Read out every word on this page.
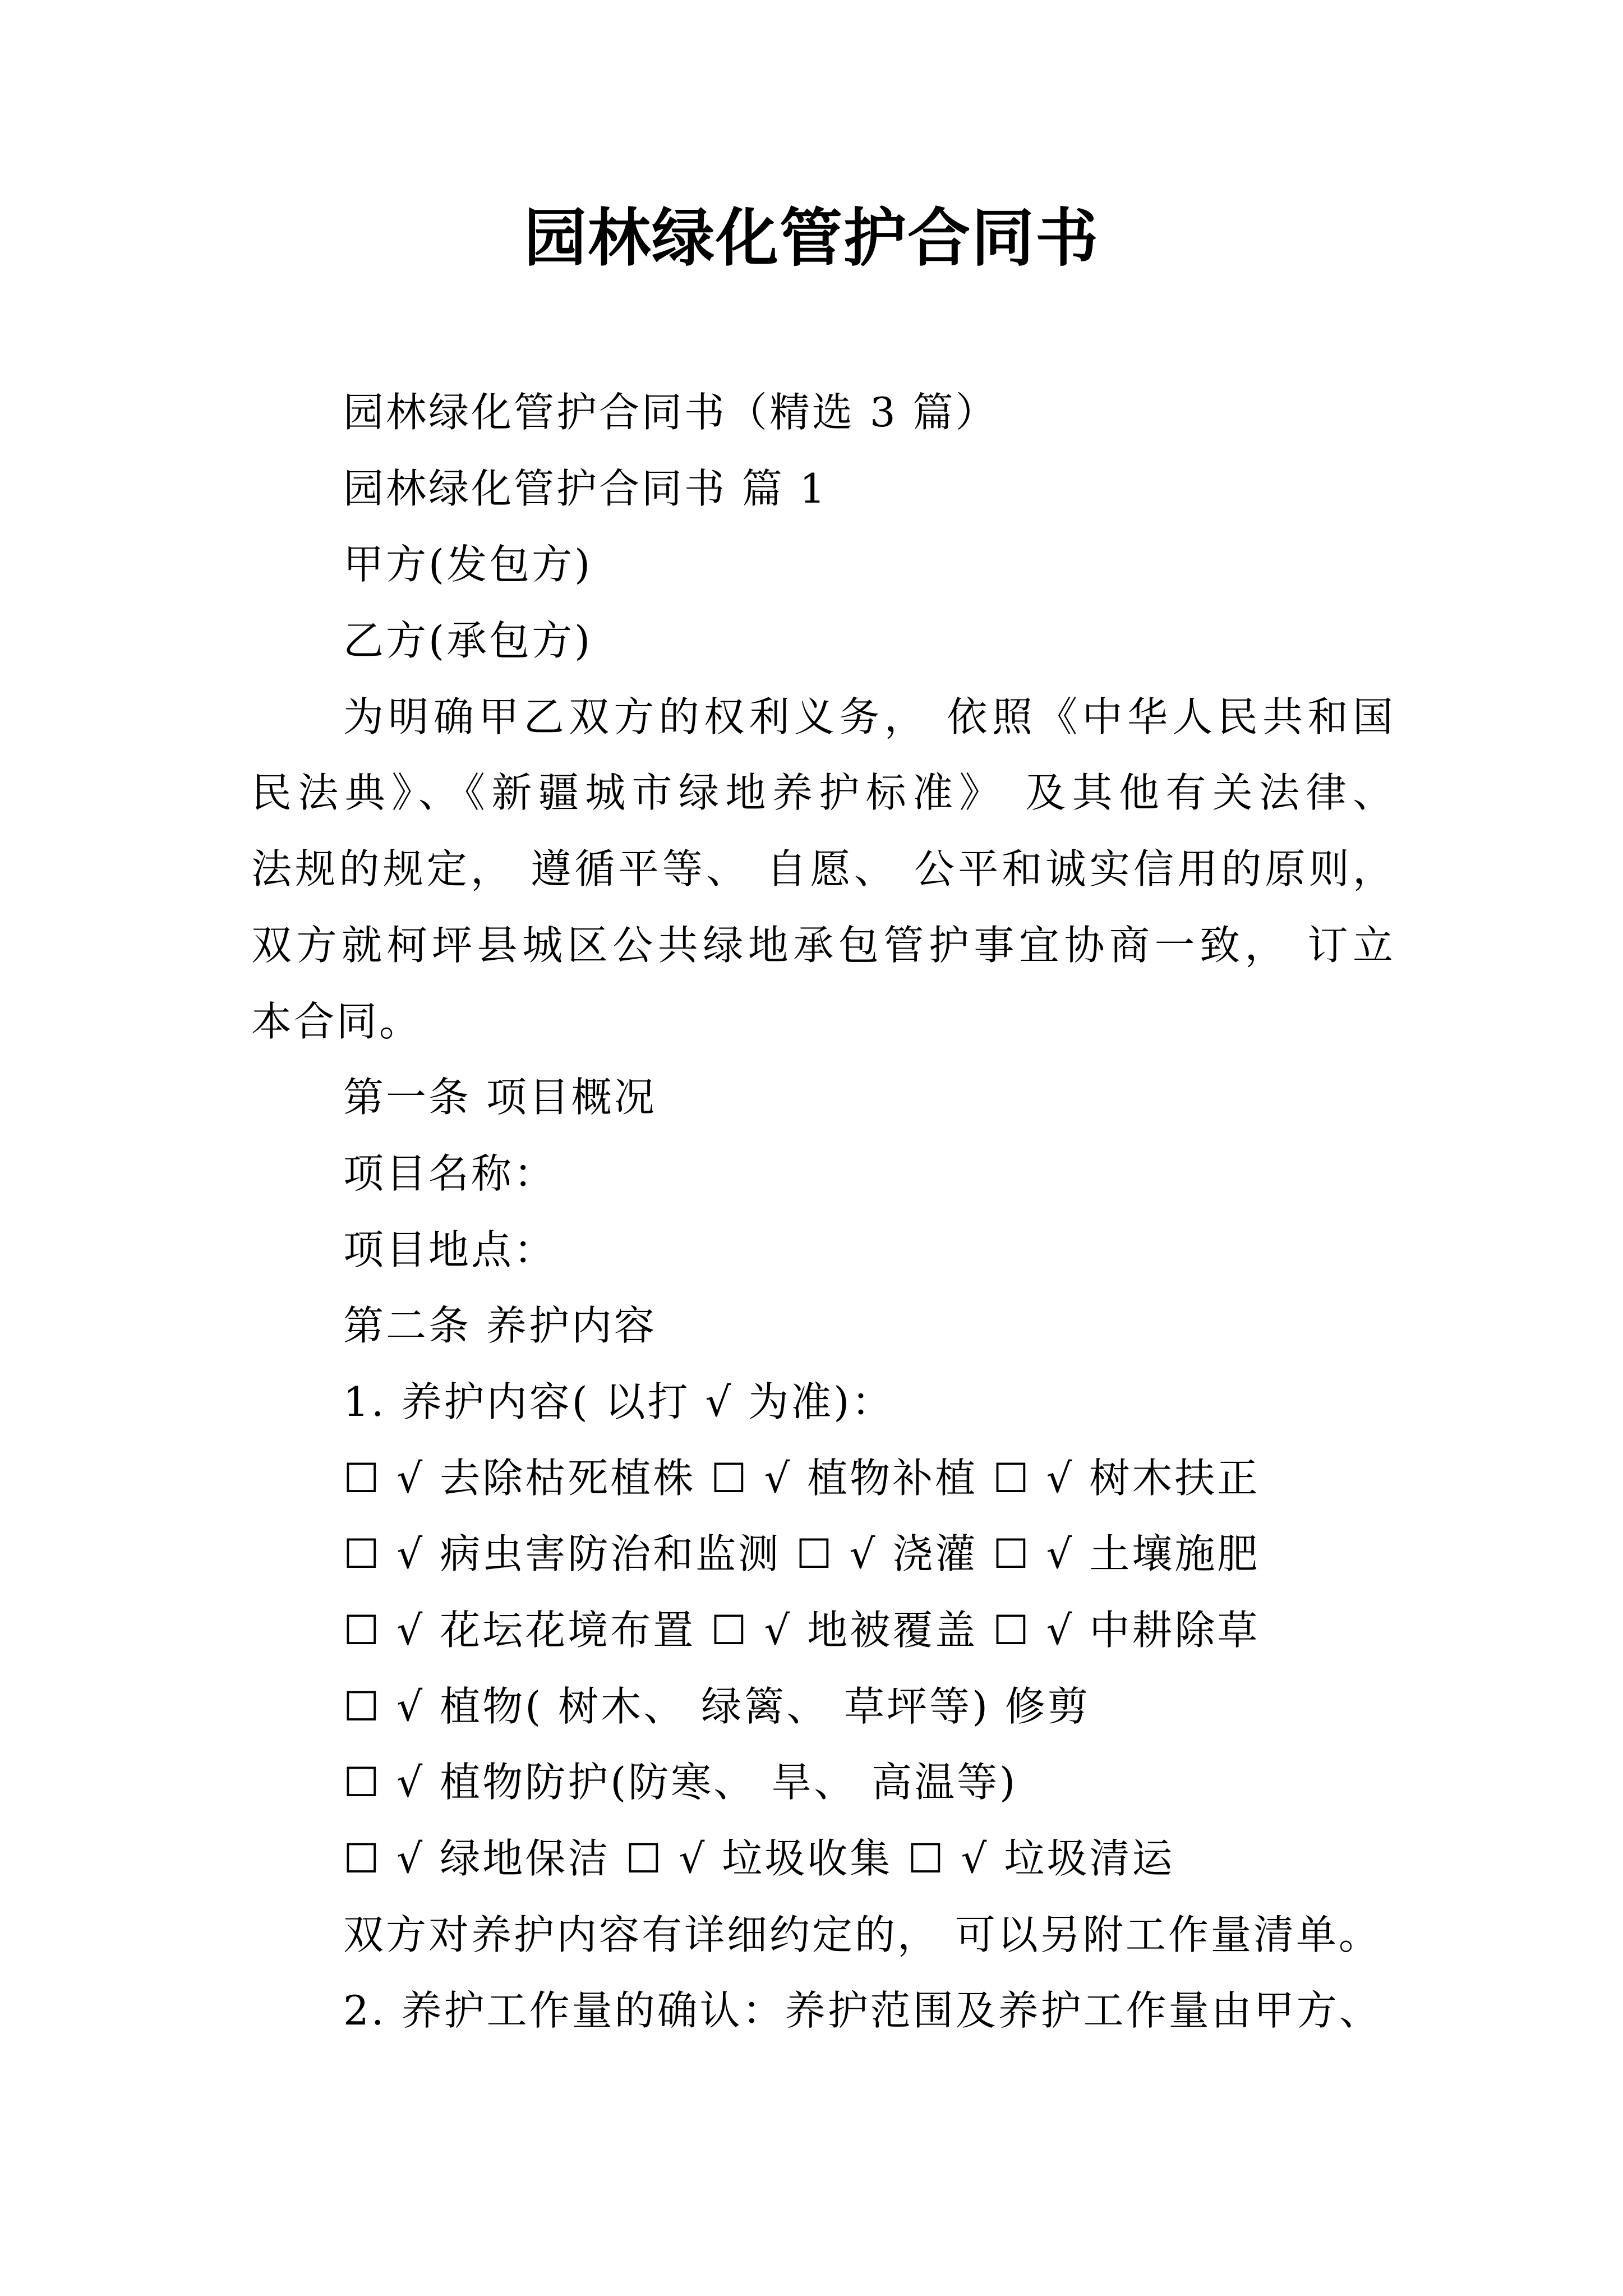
园林绿化管护合同书
园林绿化管护合同书（精选 3 篇）
园林绿化管护合同书 篇 1
甲方(发包方)
乙方(承包方)
为明确甲乙双方的权利义务， 依照《中华人民共和国
民法典》、《新疆城市绿地养护标准》 及其他有关法律、
法规的规定， 遵循平等、 自愿、 公平和诚实信用的原则，
双方就柯坪县城区公共绿地承包管护事宜协商一致， 订立
本合同。
第一条 项目概况
项目名称：
项目地点：
第二条 养护内容
1. 养护内容( 以打 √ 为准)：
☐ √ 去除枯死植株 ☐ √ 植物补植 ☐ √ 树木扶正
☐ √ 病虫害防治和监测 ☐ √ 浇灌 ☐ √ 土壤施肥
☐ √ 花坛花境布置 ☐ √ 地被覆盖 ☐ √ 中耕除草
☐ √ 植物( 树木、 绿篱、 草坪等) 修剪
☐ √ 植物防护(防寒、 旱、 高温等)
☐ √ 绿地保洁 ☐ √ 垃圾收集 ☐ √ 垃圾清运
双方对养护内容有详细约定的， 可以另附工作量清单。
2. 养护工作量的确认：养护范围及养护工作量由甲方、
